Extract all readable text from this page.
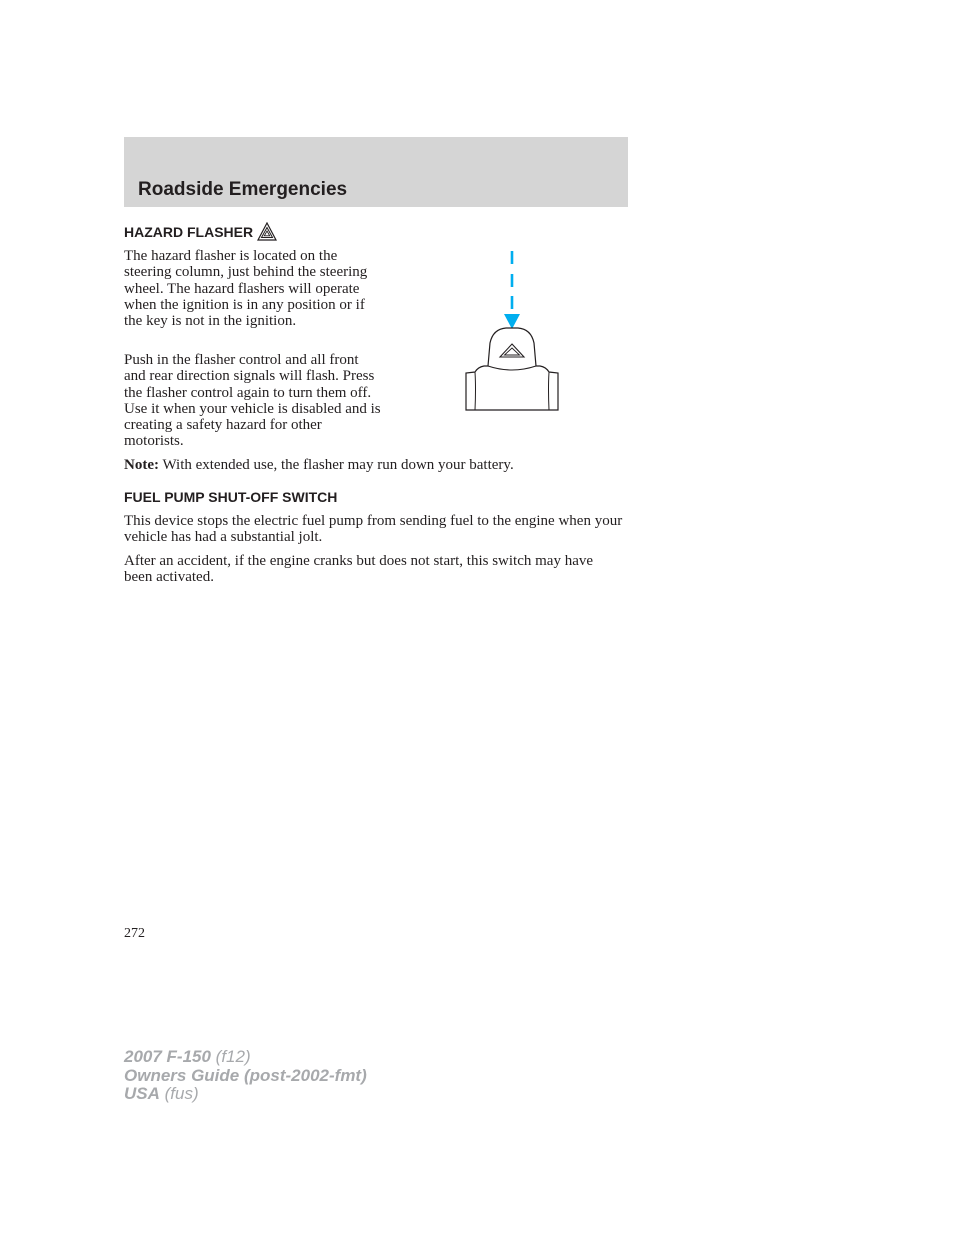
Roadside Emergencies
HAZARD FLASHER

The hazard flasher is located on the steering column, just behind the steering wheel. The hazard flashers will operate when the ignition is in any position or if the key is not in the ignition.

Push in the flasher control and all front and rear direction signals will flash. Press the flasher control again to turn them off. Use it when your vehicle is disabled and is creating a safety hazard for other motorists.

Note: With extended use, the flasher may run down your battery.

FUEL PUMP SHUT-OFF SWITCH

This device stops the electric fuel pump from sending fuel to the engine when your vehicle has had a substantial jolt.

After an accident, if the engine cranks but does not start, this switch may have been activated.

272

2007 F-150 (f12)
Owners Guide (post-2002-fmt)
USA (fus)
